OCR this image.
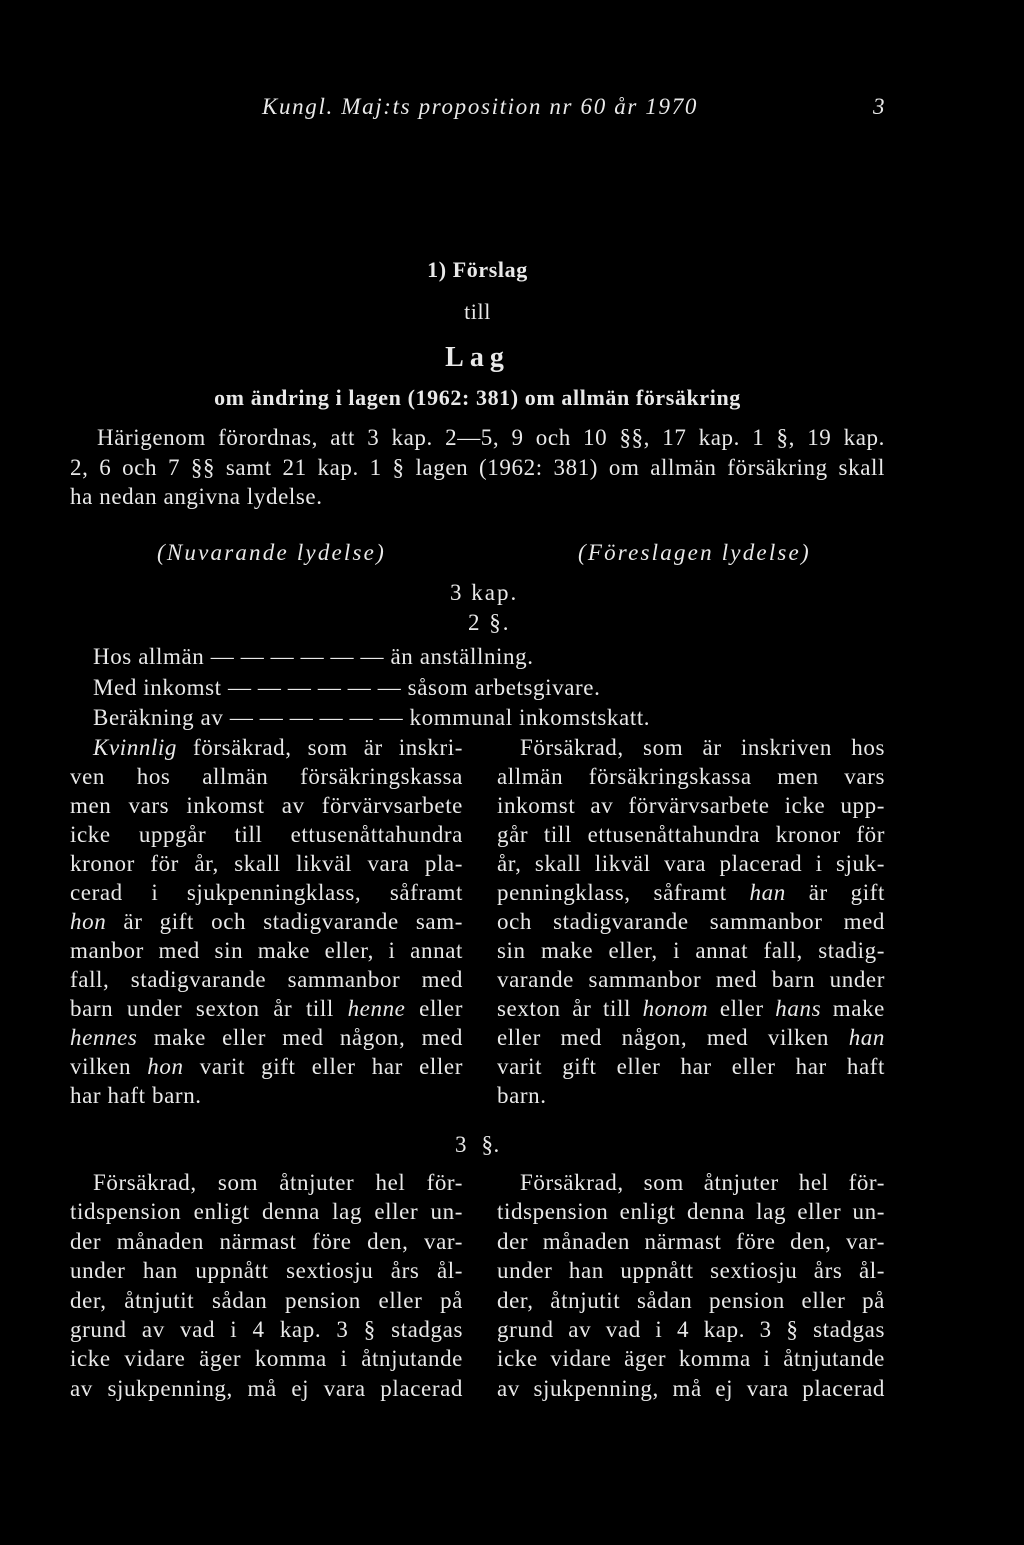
Kungl. Maj:ts proposition nr 60 år 1970	3
1) Förslag
till
Lag
om ändring i lagen (1962: 381) om allmän försäkring
Härigenom förordnas, att 3 kap. 2—5, 9 och 10 §§, 17 kap. 1 §, 19 kap.
2, 6 och 7 §§ samt 21 kap. 1 § lagen (1962: 381) om allmän försäkring skall
ha nedan angivna lydelse.
(Nuvarande lydelse)	(Föreslagen lydelse)
3 kap.
2 §.
Hos allmän — — — — — — än anställning.
Med inkomst — — — — — — såsom arbetsgivare.
Beräkning av — — — — — — kommunal inkomstskatt.
Kvinnlig försäkrad, som är inskri-
ven hos allmän försäkringskassa
men vars inkomst av förvärvsarbete
icke uppgår till ettusenåttahundra
kronor för år, skall likväl vara pla-
cerad i sjukpenningklass, såframt
hon är gift och stadigvarande sam-
manbor med sin make eller, i annat
fall, stadigvarande sammanbor med
barn under sexton år till henne eller
hennes make eller med någon, med
vilken hon varit gift eller har eller
har haft barn.
Försäkrad, som är inskriven hos
allmän försäkringskassa men vars
inkomst av förvärvsarbete icke upp-
går till ettusenåttahundra kronor för
år, skall likväl vara placerad i sjuk-
penningklass, såframt han är gift
och stadigvarande sammanbor med
sin make eller, i annat fall, stadig-
varande sammanbor med barn under
sexton år till honom eller hans make
eller med någon, med vilken han
varit gift eller har eller har haft
barn.
3 §.
Försäkrad, som åtnjuter hel för-
tidspension enligt denna lag eller un-
der månaden närmast före den, var-
under han uppnått sextiosju års ål-
der, åtnjutit sådan pension eller på
grund av vad i 4 kap. 3 § stadgas
icke vidare äger komma i åtnjutande
av sjukpenning, må ej vara placerad
Försäkrad, som åtnjuter hel för-
tidspension enligt denna lag eller un-
der månaden närmast före den, var-
under han uppnått sextiosju års ål-
der, åtnjutit sådan pension eller på
grund av vad i 4 kap. 3 § stadgas
icke vidare äger komma i åtnjutande
av sjukpenning, må ej vara placerad
